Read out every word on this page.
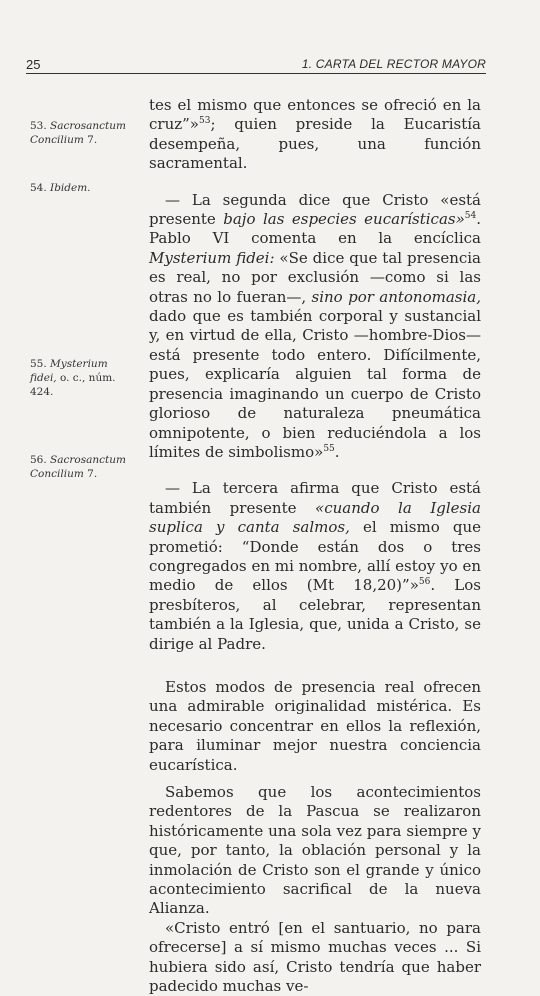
25	1. CARTA DEL RECTOR MAYOR
53. Sacrosanctum Concilium 7.
54. Ibidem.
55. Mysterium fidei, o. c., núm. 424.
56. Sacrosanctum Concilium 7.

tes el mismo que entonces se ofreció en la cruz”»$^{53}$; quien preside la Eucaristía desempeña, pues, una función sacramental.

— La segunda dice que Cristo «está presente bajo las especies eucarísticas»$^{54}$. Pablo VI comenta en la encíclica Mysterium fidei: «Se dice que tal presencia es real, no por exclusión —como si las otras no lo fueran—, sino por antonomasia, dado que es también corporal y sustancial y, en virtud de ella, Cristo —hombre-Dios— está presente todo entero. Difícilmente, pues, explicaría alguien tal forma de presencia imaginando un cuerpo de Cristo glorioso de naturaleza pneumática omnipotente, o bien reduciéndola a los límites de simbolismo»$^{55}$.

— La tercera afirma que Cristo está también presente «cuando la Iglesia suplica y canta salmos, el mismo que prometió: “Donde están dos o tres congregados en mi nombre, allí estoy yo en medio de ellos (Mt 18,20)”»$^{56}$. Los presbíteros, al celebrar, representan también a la Iglesia, que, unida a Cristo, se dirige al Padre.

Estos modos de presencia real ofrecen una admirable originalidad mistérica. Es necesario concentrar en ellos la reflexión, para iluminar mejor nuestra conciencia eucarística.

Sabemos que los acontecimientos redentores de la Pascua se realizaron históricamente una sola vez para siempre y que, por tanto, la oblación personal y la inmolación de Cristo son el grande y único acontecimiento sacrifical de la nueva Alianza.

«Cristo entró [en el santuario, no para ofrecerse] a sí mismo muchas veces ... Si hubiera sido así, Cristo tendría que haber padecido muchas ve-
